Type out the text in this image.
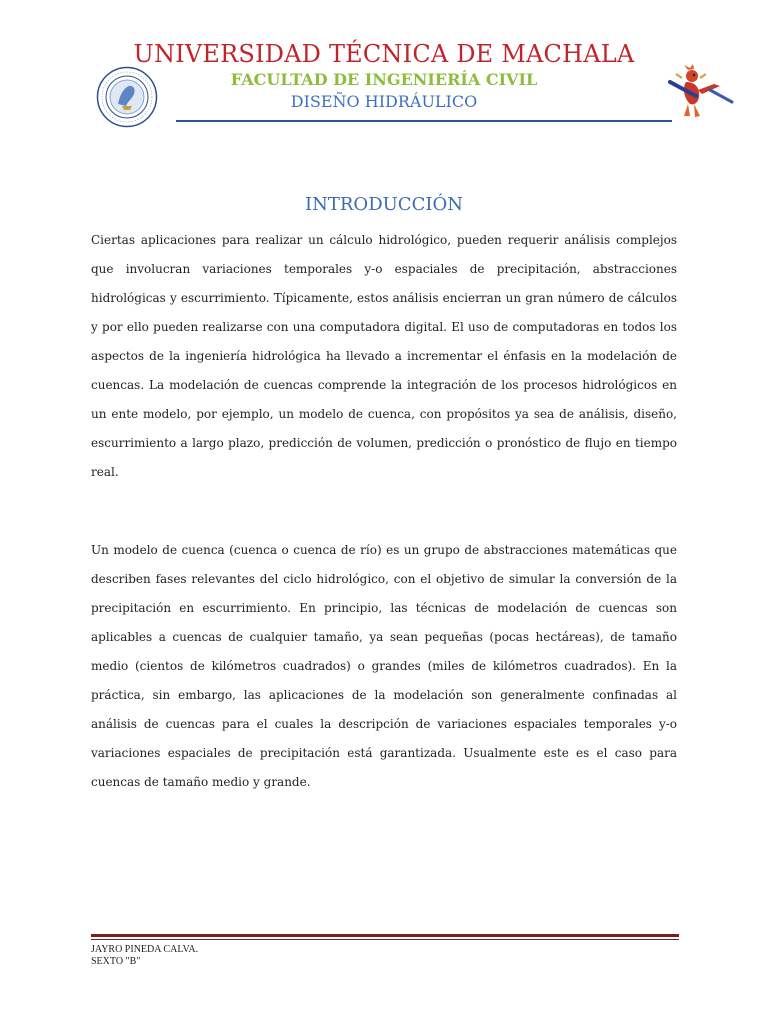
UNIVERSIDAD TÉCNICA DE MACHALA
FACULTAD DE INGENIERÍA CIVIL
DISEÑO HIDRÁULICO
INTRODUCCIÓN

Ciertas aplicaciones para realizar un cálculo hidrológico, pueden requerir análisis complejos que involucran variaciones temporales y-o espaciales de precipitación, abstracciones hidrológicas y escurrimiento. Típicamente, estos análisis encierran un gran número de cálculos y por ello pueden realizarse con una computadora digital. El uso de computadoras en todos los aspectos de la ingeniería hidrológica ha llevado a incrementar el énfasis en la modelación de cuencas. La modelación de cuencas comprende la integración de los procesos hidrológicos en un ente modelo, por ejemplo, un modelo de cuenca, con propósitos ya sea de análisis, diseño, escurrimiento a largo plazo, predicción de volumen, predicción o pronóstico de flujo en tiempo real.

Un modelo de cuenca (cuenca o cuenca de río) es un grupo de abstracciones matemáticas que describen fases relevantes del ciclo hidrológico, con el objetivo de simular la conversión de la precipitación en escurrimiento. En principio, las técnicas de modelación de cuencas son aplicables a cuencas de cualquier tamaño, ya sean pequeñas (pocas hectáreas), de tamaño medio (cientos de kilómetros cuadrados) o grandes (miles de kilómetros cuadrados). En la práctica, sin embargo, las aplicaciones de la modelación son generalmente confinadas al análisis de cuencas para el cuales la descripción de variaciones espaciales temporales y-o variaciones espaciales de precipitación está garantizada. Usualmente este es el caso para cuencas de tamaño medio y grande.

JAYRO PINEDA CALVA.
SEXTO "B"
